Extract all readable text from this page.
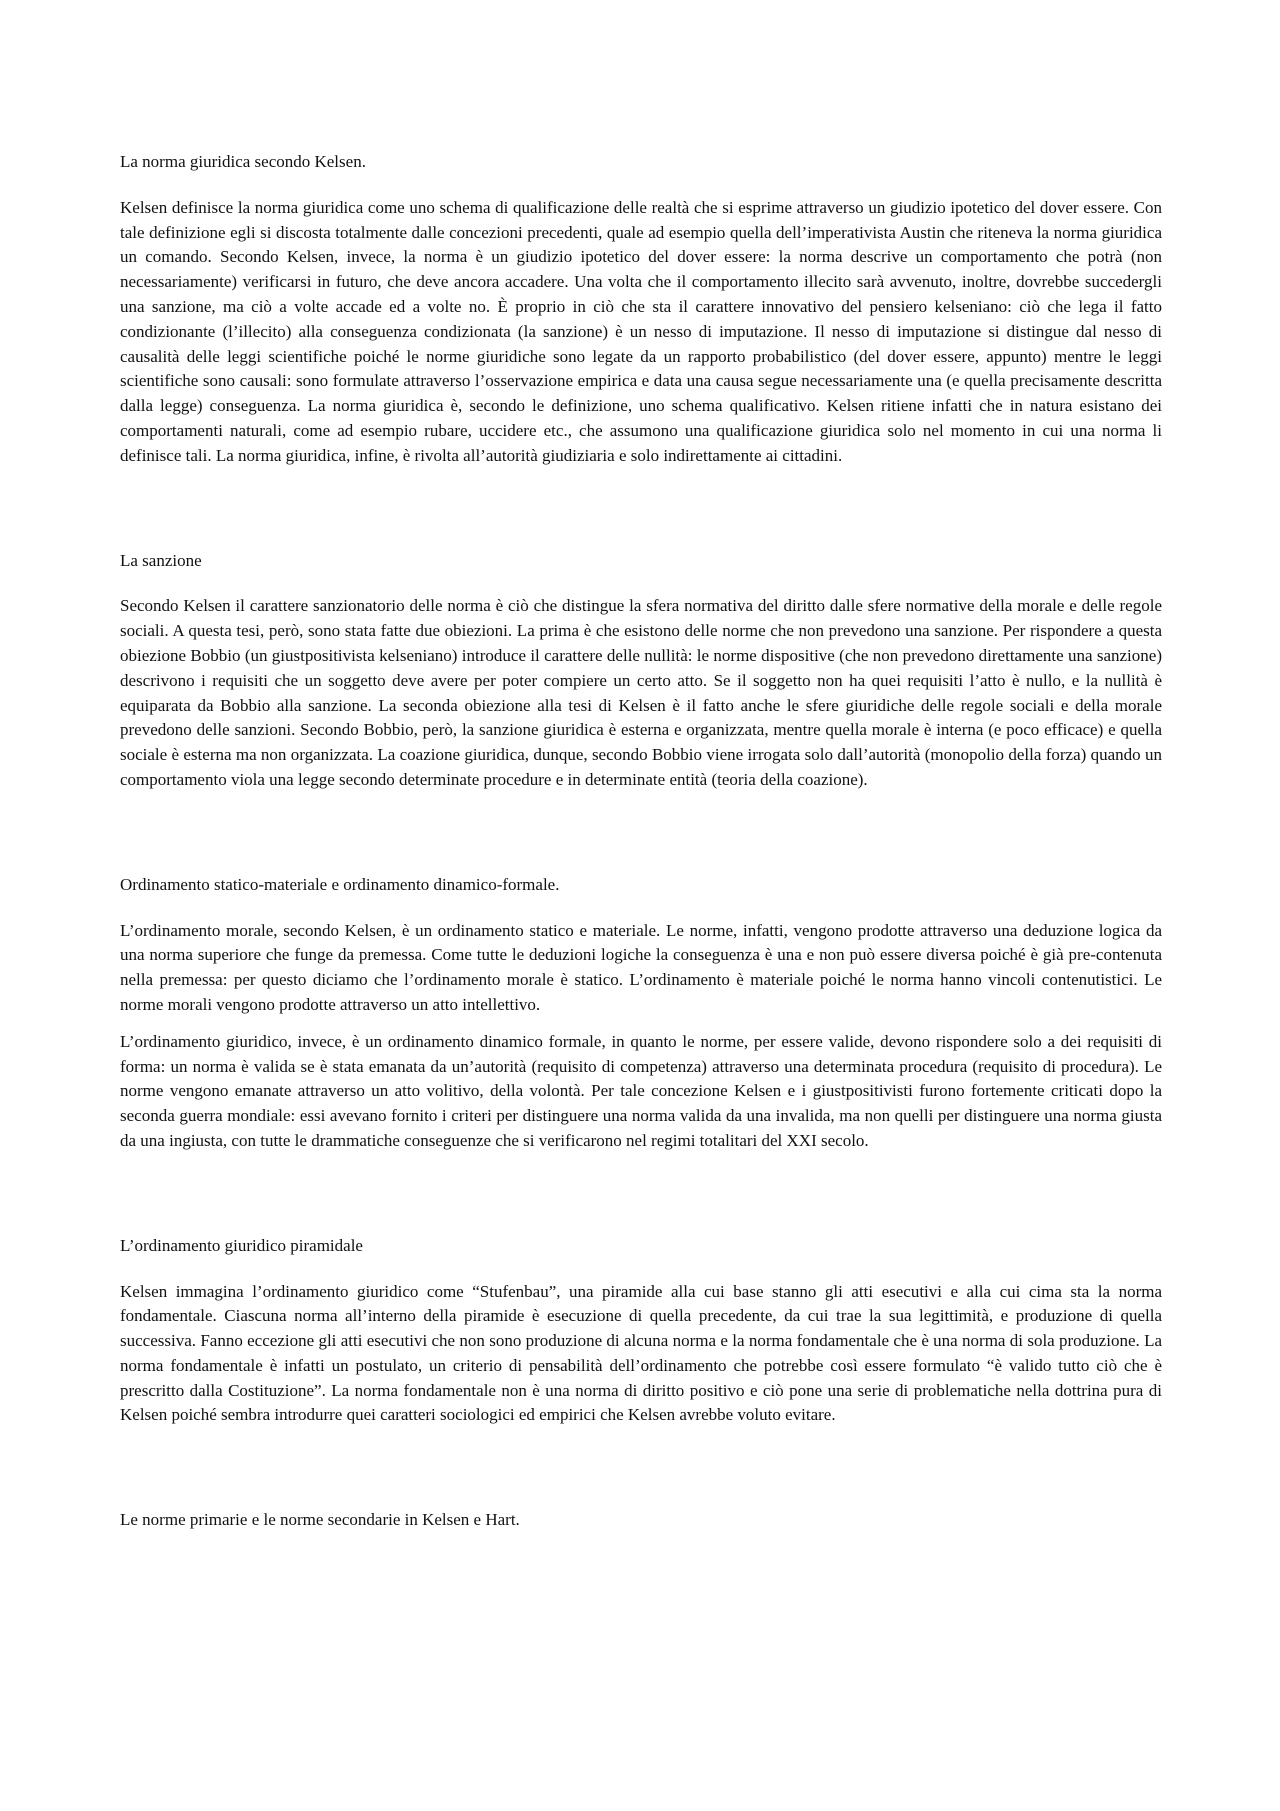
La norma giuridica secondo Kelsen.

Kelsen definisce la norma giuridica come uno schema di qualificazione delle realtà che si esprime attraverso un giudizio ipotetico del dover essere. Con tale definizione egli si discosta totalmente dalle concezioni precedenti, quale ad esempio quella dell’imperativista Austin che riteneva la norma giuridica un comando. Secondo Kelsen, invece, la norma è un giudizio ipotetico del dover essere: la norma descrive un comportamento che potrà (non necessariamente) verificarsi in futuro, che deve ancora accadere. Una volta che il comportamento illecito sarà avvenuto, inoltre, dovrebbe succedergli una sanzione, ma ciò a volte accade ed a volte no. È proprio in ciò che sta il carattere innovativo del pensiero kelseniano: ciò che lega il fatto condizionante (l’illecito) alla conseguenza condizionata (la sanzione) è un nesso di imputazione. Il nesso di imputazione si distingue dal nesso di causalità delle leggi scientifiche poiché le norme giuridiche sono legate da un rapporto probabilistico (del dover essere, appunto) mentre le leggi scientifiche sono causali: sono formulate attraverso l’osservazione empirica e data una causa segue necessariamente una (e quella precisamente descritta dalla legge) conseguenza. La norma giuridica è, secondo le definizione, uno schema qualificativo. Kelsen ritiene infatti che in natura esistano dei comportamenti naturali, come ad esempio rubare, uccidere etc., che assumono una qualificazione giuridica solo nel momento in cui una norma li definisce tali. La norma giuridica, infine, è rivolta all’autorità giudiziaria e solo indirettamente ai cittadini.

La sanzione

Secondo Kelsen il carattere sanzionatorio delle norma è ciò che distingue la sfera normativa del diritto dalle sfere normative della morale e delle regole sociali. A questa tesi, però, sono stata fatte due obiezioni. La prima è che esistono delle norme che non prevedono una sanzione. Per rispondere a questa obiezione Bobbio (un giustpositivista kelseniano) introduce il carattere delle nullità: le norme dispositive (che non prevedono direttamente una sanzione) descrivono i requisiti che un soggetto deve avere per poter compiere un certo atto. Se il soggetto non ha quei requisiti l’atto è nullo, e la nullità è equiparata da Bobbio alla sanzione. La seconda obiezione alla tesi di Kelsen è il fatto anche le sfere giuridiche delle regole sociali e della morale prevedono delle sanzioni. Secondo Bobbio, però, la sanzione giuridica è esterna e organizzata, mentre quella morale è interna (e poco efficace) e quella sociale è esterna ma non organizzata. La coazione giuridica, dunque, secondo Bobbio viene irrogata solo dall’autorità (monopolio della forza) quando un comportamento viola una legge secondo determinate procedure e in determinate entità (teoria della coazione).

Ordinamento statico-materiale e ordinamento dinamico-formale.

L’ordinamento morale, secondo Kelsen, è un ordinamento statico e materiale. Le norme, infatti, vengono prodotte attraverso una deduzione logica da una norma superiore che funge da premessa. Come tutte le deduzioni logiche la conseguenza è una e non può essere diversa poiché è già pre-contenuta nella premessa: per questo diciamo che l’ordinamento morale è statico. L’ordinamento è materiale poiché le norma hanno vincoli contenutistici. Le norme morali vengono prodotte attraverso un atto intellettivo.

L’ordinamento giuridico, invece, è un ordinamento dinamico formale, in quanto le norme, per essere valide, devono rispondere solo a dei requisiti di forma: un norma è valida se è stata emanata da un’autorità (requisito di competenza) attraverso una determinata procedura (requisito di procedura). Le norme vengono emanate attraverso un atto volitivo, della volontà. Per tale concezione Kelsen e i giustpositivisti furono fortemente criticati dopo la seconda guerra mondiale: essi avevano fornito i criteri per distinguere una norma valida da una invalida, ma non quelli per distinguere una norma giusta da una ingiusta, con tutte le drammatiche conseguenze che si verificarono nel regimi totalitari del XXI secolo.

L’ordinamento giuridico piramidale

Kelsen immagina l’ordinamento giuridico come “Stufenbau”, una piramide alla cui base stanno gli atti esecutivi e alla cui cima sta la norma fondamentale. Ciascuna norma all’interno della piramide è esecuzione di quella precedente, da cui trae la sua legittimità, e produzione di quella successiva. Fanno eccezione gli atti esecutivi che non sono produzione di alcuna norma e la norma fondamentale che è una norma di sola produzione. La norma fondamentale è infatti un postulato, un criterio di pensabilità dell’ordinamento che potrebbe così essere formulato “è valido tutto ciò che è prescritto dalla Costituzione”. La norma fondamentale non è una norma di diritto positivo e ciò pone una serie di problematiche nella dottrina pura di Kelsen poiché sembra introdurre quei caratteri sociologici ed empirici che Kelsen avrebbe voluto evitare.

Le norme primarie e le norme secondarie in Kelsen e Hart.
